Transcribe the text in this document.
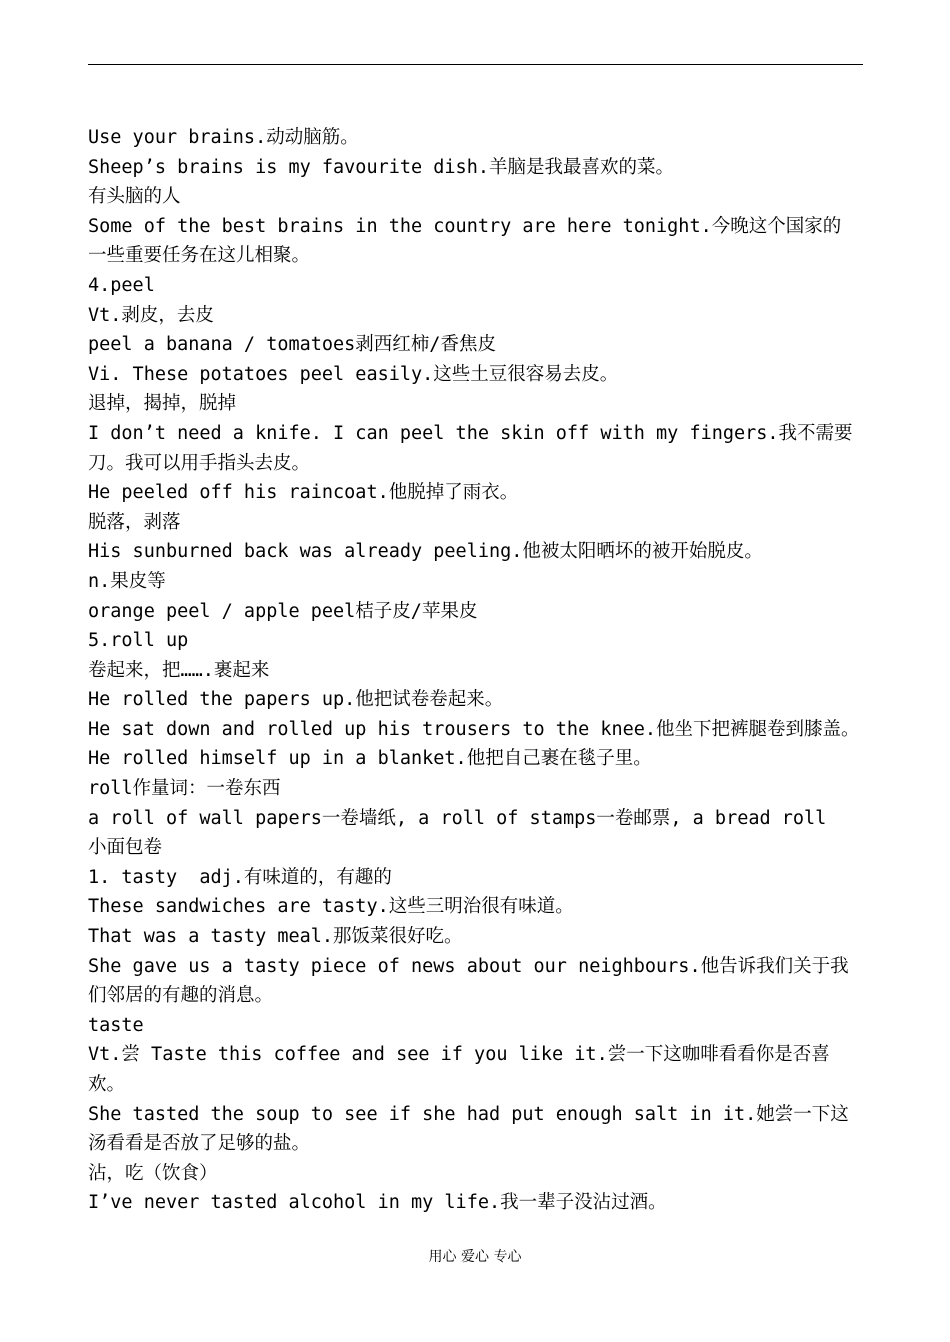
Use your brains.动动脑筋。
Sheep’s brains is my favourite dish.羊脑是我最喜欢的菜。
有头脑的人
Some of the best brains in the country are here tonight.今晚这个国家的
一些重要任务在这儿相聚。
4.peel
Vt.剥皮，去皮
peel a banana / tomatoes剥西红柿/香焦皮
Vi. These potatoes peel easily.这些土豆很容易去皮。
退掉，揭掉，脱掉
I don’t need a knife. I can peel the skin off with my fingers.我不需要
刀。我可以用手指头去皮。
He peeled off his raincoat.他脱掉了雨衣。
脱落，剥落
His sunburned back was already peeling.他被太阳晒坏的被开始脱皮。
n.果皮等
orange peel / apple peel桔子皮/苹果皮
5.roll up
卷起来，把…….裹起来
He rolled the papers up.他把试卷卷起来。
He sat down and rolled up his trousers to the knee.他坐下把裤腿卷到膝盖。
He rolled himself up in a blanket.他把自己裹在毯子里。
roll作量词：一卷东西
a roll of wall papers一卷墙纸, a roll of stamps一卷邮票, a bread roll
小面包卷
1. tasty  adj.有味道的，有趣的
These sandwiches are tasty.这些三明治很有味道。
That was a tasty meal.那饭菜很好吃。
She gave us a tasty piece of news about our neighbours.他告诉我们关于我
们邻居的有趣的消息。
taste
Vt.尝 Taste this coffee and see if you like it.尝一下这咖啡看看你是否喜
欢。
She tasted the soup to see if she had put enough salt in it.她尝一下这
汤看看是否放了足够的盐。
沾，吃（饮食）
I’ve never tasted alcohol in my life.我一辈子没沾过酒。
用心 爱心 专心
